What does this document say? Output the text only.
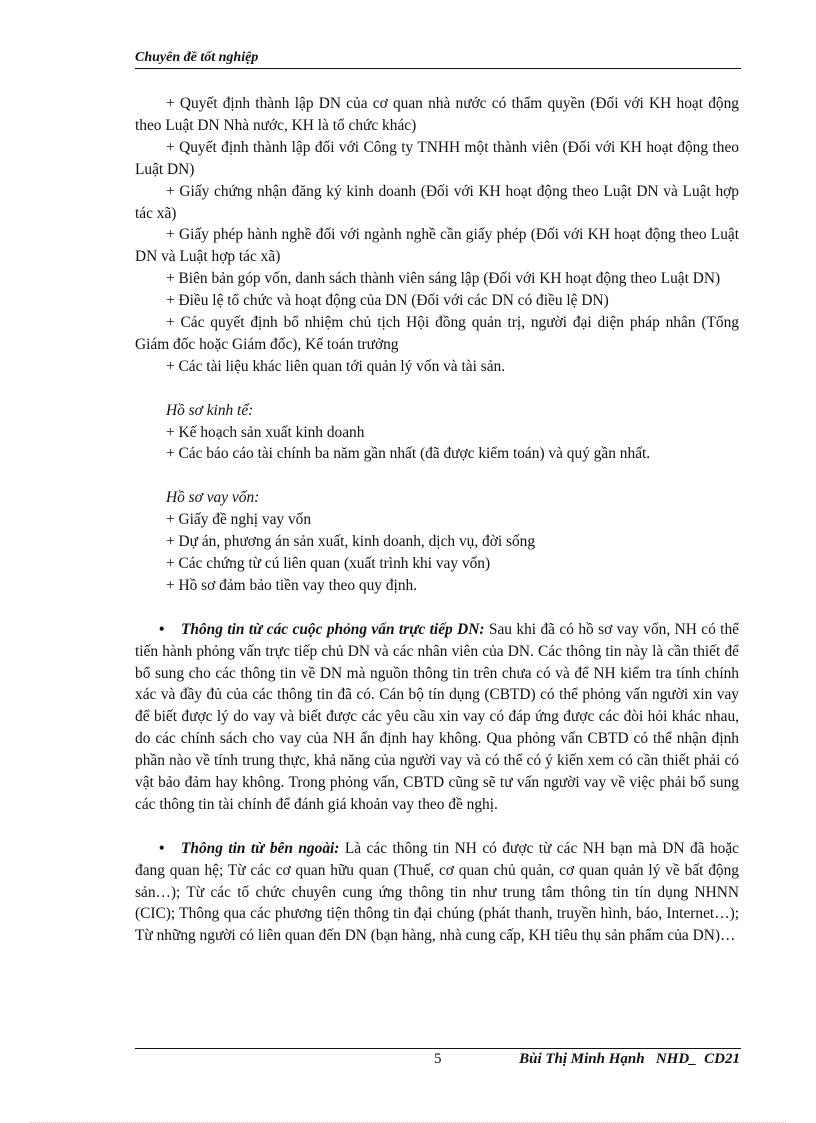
Chuyên đề tốt nghiệp

+ Quyết định thành lập DN của cơ quan nhà nước có thẩm quyền (Đối với KH hoạt động theo Luật DN Nhà nước, KH là tổ chức khác)

+ Quyết định thành lập đối với Công ty TNHH một thành viên (Đối với KH hoạt động theo Luật DN)

+ Giấy chứng nhận đăng ký kinh doanh (Đối với KH hoạt động theo Luật DN và Luật hợp tác xã)

+ Giấy phép hành nghề đối với ngành nghề cần giấy phép (Đối với KH hoạt động theo Luật DN và Luật hợp tác xã)

+ Biên bản góp vốn, danh sách thành viên sáng lập (Đối với KH hoạt động theo Luật DN)

+ Điều lệ tổ chức và hoạt động của DN (Đối với các DN có điều lệ DN)

+ Các quyết định bổ nhiệm chủ tịch Hội đồng quản trị, người đại diện pháp nhân (Tổng Giám đốc hoặc Giám đốc), Kế toán trưởng

+ Các tài liệu khác liên quan tới quản lý vốn và tài sản.

Hồ sơ kinh tế:

+ Kế hoạch sản xuất kinh doanh

+ Các báo cáo tài chính ba năm gần nhất (đã được kiểm toán) và quý gần nhất.

Hồ sơ vay vốn:

+ Giấy đề nghị vay vốn

+ Dự án, phương án sản xuất, kinh doanh, dịch vụ, đời sống

+ Các chứng từ cú liên quan (xuất trình khi vay vốn)

+ Hồ sơ đảm bảo tiền vay theo quy định.

• Thông tin từ các cuộc phỏng vấn trực tiếp DN: Sau khi đã có hồ sơ vay vốn, NH có thể tiến hành phỏng vấn trực tiếp chủ DN và các nhân viên của DN. Các thông tin này là cần thiết để bổ sung cho các thông tin về DN mà nguồn thông tin trên chưa có và để NH kiểm tra tính chính xác và đầy đủ của các thông tin đã có. Cán bộ tín dụng (CBTD) có thể phỏng vấn người xin vay để biết được lý do vay và biết được các yêu cầu xin vay có đáp ứng được các đòi hỏi khác nhau, do các chính sách cho vay của NH ấn định hay không. Qua phỏng vấn CBTD có thể nhận định phần nào về tính trung thực, khả năng của người vay và có thể có ý kiến xem có cần thiết phải có vật bảo đảm hay không. Trong phỏng vấn, CBTD cũng sẽ tư vấn người vay về việc phải bổ sung các thông tin tài chính để đánh giá khoản vay theo đề nghị.

• Thông tin từ bên ngoài: Là các thông tin NH có được từ các NH bạn mà DN đã hoặc đang quan hệ; Từ các cơ quan hữu quan (Thuế, cơ quan chủ quản, cơ quan quản lý về bất động sản…); Từ các tổ chức chuyên cung ứng thông tin như trung tâm thông tin tín dụng NHNN (CIC); Thông qua các phương tiện thông tin đại chúng (phát thanh, truyền hình, báo, Internet…); Từ những người có liên quan đến DN (bạn hàng, nhà cung cấp, KH tiêu thụ sản phẩm của DN)…

5	Bùi Thị Minh Hạnh   NHD_  CD21
